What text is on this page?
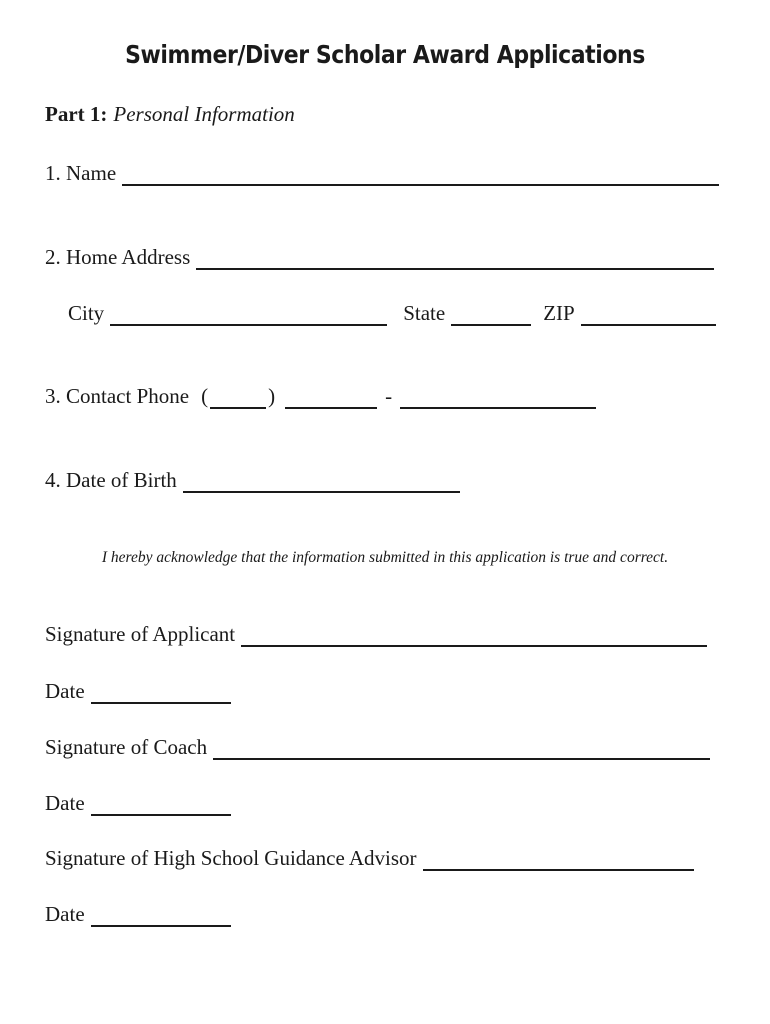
Swimmer/Diver Scholar Award Applications
Part 1: Personal Information
1. Name
2. Home Address
City	State	ZIP
3. Contact Phone (	)	-
4. Date of Birth
I hereby acknowledge that the information submitted in this application is true and correct.
Signature of Applicant
Date
Signature of Coach
Date
Signature of High School Guidance Advisor
Date
